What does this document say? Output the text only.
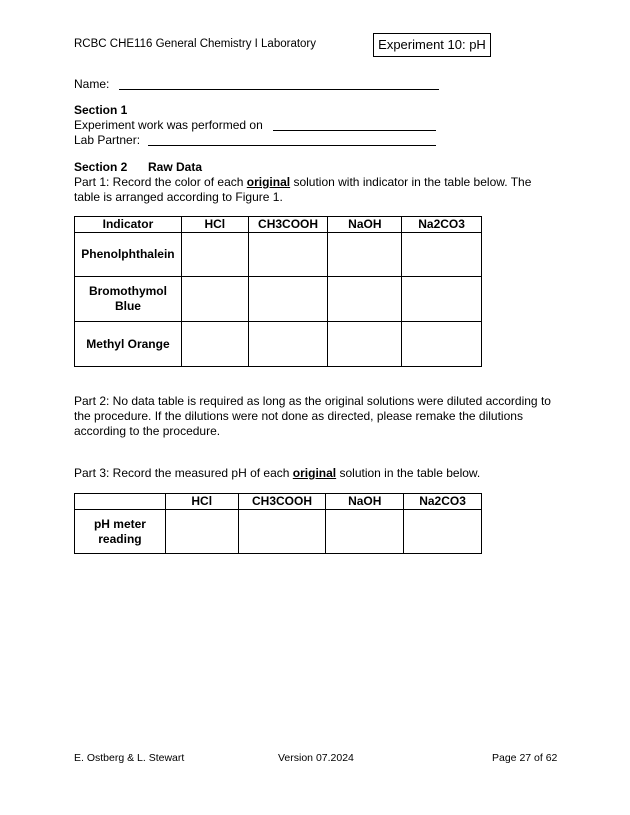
RCBC CHE116 General Chemistry I Laboratory	Experiment 10: pH
Name:
Section 1
Experiment work was performed on
Lab Partner:
Section 2 Raw Data
Part 1: Record the color of each original solution with indicator in the table below. The table is arranged according to Figure 1.
Indicator	HCl	CH3COOH	NaOH	Na2CO3
Phenolphthalein				
Bromothymol Blue				
Methyl Orange				
Part 2: No data table is required as long as the original solutions were diluted according to the procedure. If the dilutions were not done as directed, please remake the dilutions according to the procedure.
Part 3: Record the measured pH of each original solution in the table below.
	HCl	CH3COOH	NaOH	Na2CO3
pH meter reading				
E. Ostberg & L. Stewart	Version 07.2024	Page 27 of 62
